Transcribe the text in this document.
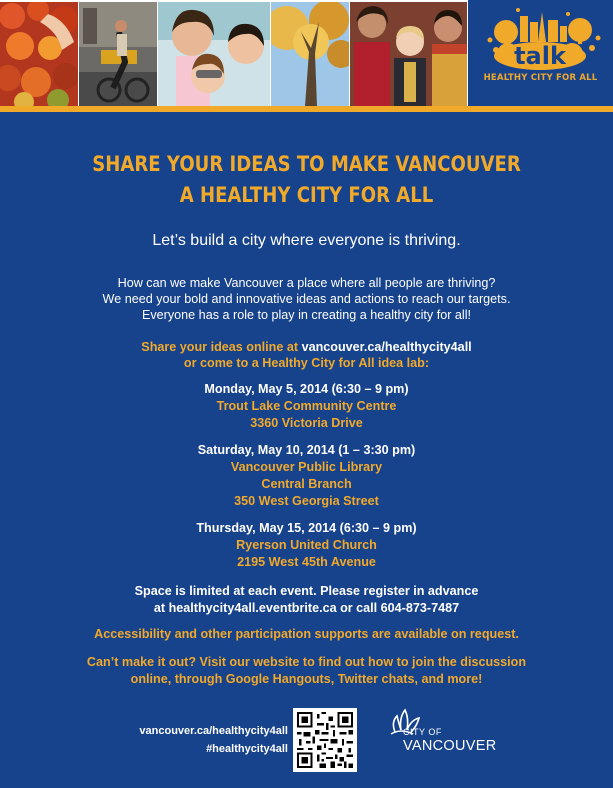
talk
HEALTHY CITY FOR ALL
SHARE YOUR IDEAS TO MAKE VANCOUVER
A HEALTHY CITY FOR ALL
Let’s build a city where everyone is thriving.
How can we make Vancouver a place where all people are thriving?
We need your bold and innovative ideas and actions to reach our targets.
Everyone has a role to play in creating a healthy city for all!
Share your ideas online at vancouver.ca/healthycity4all
or come to a Healthy City for All idea lab:
Monday, May 5, 2014 (6:30 – 9 pm)
Trout Lake Community Centre
3360 Victoria Drive
Saturday, May 10, 2014 (1 – 3:30 pm)
Vancouver Public Library
Central Branch
350 West Georgia Street
Thursday, May 15, 2014 (6:30 – 9 pm)
Ryerson United Church
2195 West 45th Avenue
Space is limited at each event. Please register in advance
at healthycity4all.eventbrite.ca or call 604-873-7487
Accessibility and other participation supports are available on request.
Can’t make it out? Visit our website to find out how to join the discussion
online, through Google Hangouts, Twitter chats, and more!
vancouver.ca/healthycity4all
#healthycity4all
CITY OF
VANCOUVER
